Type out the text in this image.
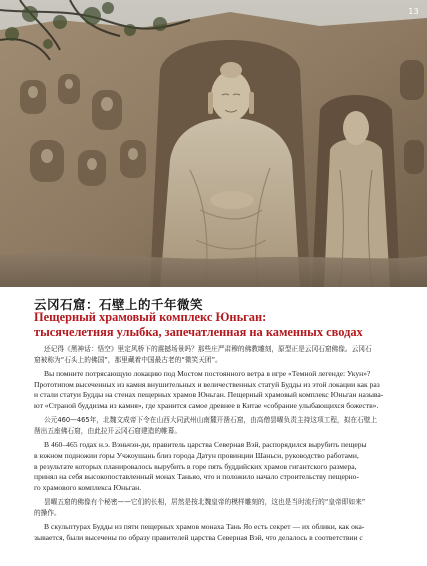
13
云冈石窟：石壁上的千年微笑
Пещерный храмовый комплекс Юньган:
тысячелетняя улыбка, запечатленная на каменных сводах
还记得《黑神话：悟空》里定风桥下的震撼场景吗？那些庄严肃穆的佛教雕刻，原型正是云冈石窟佛像。云冈石
窟被称为“石头上的佛国”，那里藏着中国最古老的“微笑天团”。
Вы помните потрясающую локацию под Мостом постоянного ветра в игре «Темной легенде: Укун»?
Прототипом высеченных из камня внушительных и величественных статуй Будды из этой локации как раз
и стали статуи Будды на стенах пещерных храмов Юньган. Пещерный храмовый комплекс Юньган называ-
ют «Страной буддизма из камня», где хранится самое древнее в Китае «собрание улыбающихся божеств».
公元460—465年，北魏文成帝下令在山西大同武州山南麓开凿石窟，由高僧昙曜负责主持这项工程，拟在石壁上
凿出五座佛石窟，由此拉开云冈石窟建造的帷幕。
В 460–465 годах н.э. Вэньчэн-ди, правитель царства Северная Вэй, распорядился вырубить пещеры
в южном подножии горы Учжоушань близ города Датун провинции Шаньси, руководство работами,
в результате которых планировалось вырубить в горе пять буддийских храмов гигантского размера,
принял на себя высокопоставленный монах Таньяо, что и положило начало строительству пещерно-
го храмового комплекса Юньган.
昙曜五窟的佛像有个秘密——它们的长相，居然是按北魏皇帝的模样雕刻的，这也是当时流行的“皇帝即如来”
的操作。
В скульптурах Будды из пяти пещерных храмов монаха Тань Яо есть секрет — их облики, как ока-
зывается, были высечены по образу правителей царства Северная Вэй, что делалось в соответствии с
